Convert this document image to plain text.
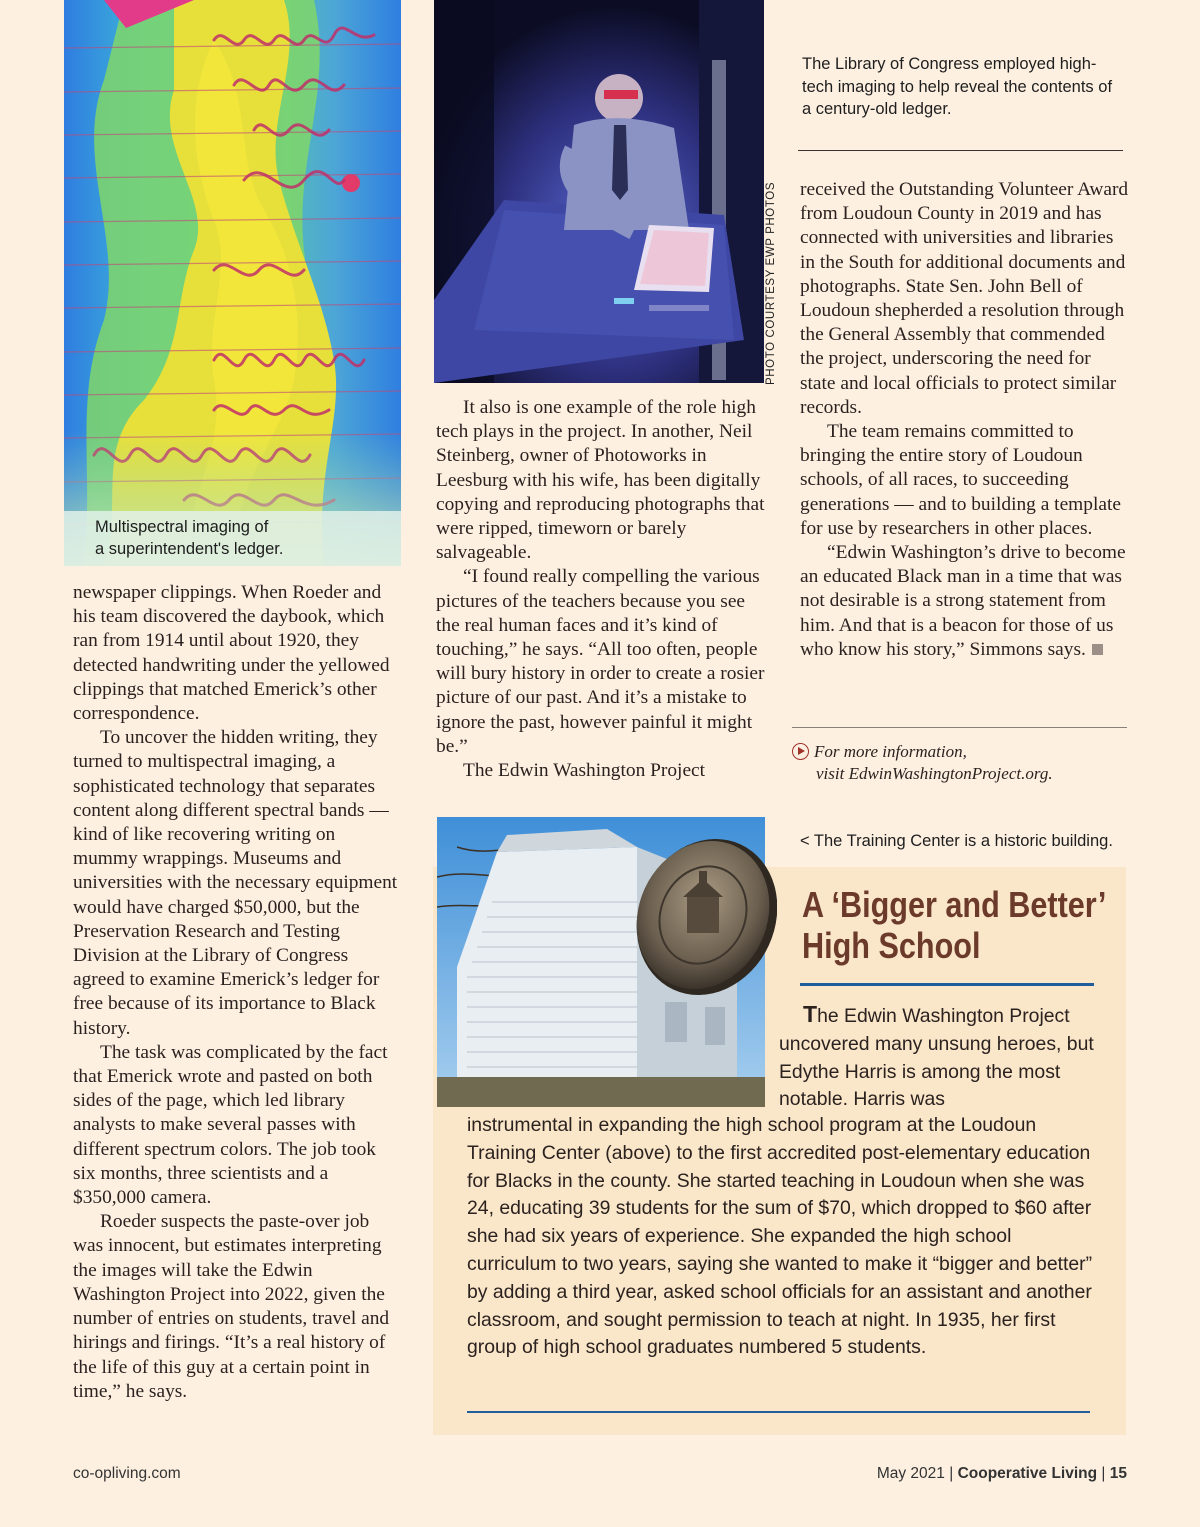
Multispectral imaging of
a superintendent's ledger.
PHOTO COURTESY EWP PHOTOS
The Library of Congress employed high-tech imaging to help reveal the contents of a century-old ledger.

newspaper clippings. When Roeder and his team discovered the daybook, which ran from 1914 until about 1920, they detected handwriting under the yellowed clippings that matched Emerick’s other correspondence.

To uncover the hidden writing, they turned to multispectral imaging, a sophisticated technology that separates content along different spectral bands — kind of like recovering writing on mummy wrappings. Museums and universities with the necessary equipment would have charged $50,000, but the Preservation Research and Testing Division at the Library of Congress agreed to examine Emerick’s ledger for free because of its importance to Black history.

The task was complicated by the fact that Emerick wrote and pasted on both sides of the page, which led library analysts to make several passes with different spectrum colors. The job took six months, three scientists and a $350,000 camera.

Roeder suspects the paste-over job was innocent, but estimates interpreting the images will take the Edwin Washington Project into 2022, given the number of entries on students, travel and hirings and firings. “It’s a real history of the life of this guy at a certain point in time,” he says.

It also is one example of the role high tech plays in the project. In another, Neil Steinberg, owner of Photoworks in Leesburg with his wife, has been digitally copying and reproducing photographs that were ripped, timeworn or barely salvageable.

“I found really compelling the various pictures of the teachers because you see the real human faces and it’s kind of touching,” he says. “All too often, people will bury history in order to create a rosier picture of our past. And it’s a mistake to ignore the past, however painful it might be.”

The Edwin Washington Project

received the Outstanding Volunteer Award from Loudoun County in 2019 and has connected with universities and libraries in the South for additional documents and photographs. State Sen. John Bell of Loudoun shepherded a resolution through the General Assembly that commended the project, underscoring the need for state and local officials to protect similar records.

The team remains committed to bringing the entire story of Loudoun schools, of all races, to succeeding generations — and to building a template for use by researchers in other places.

“Edwin Washington’s drive to become an educated Black man in a time that was not desirable is a strong statement from him. And that is a beacon for those of us who know his story,” Simmons says.

For more information,
visit EdwinWashingtonProject.org.
< The Training Center is a historic building.
A ‘Bigger and Better’
High School
The Edwin Washington Project uncovered many unsung heroes, but Edythe Harris is among the most notable. Harris was
instrumental in expanding the high school program at the Loudoun Training Center (above) to the first accredited post-elementary education for Blacks in the county. She started teaching in Loudoun when she was 24, educating 39 students for the sum of $70, which dropped to $60 after she had six years of experience. She expanded the high school curriculum to two years, saying she wanted to make it “bigger and better” by adding a third year, asked school officials for an assistant and another classroom, and sought permission to teach at night. In 1935, her first group of high school graduates numbered 5 students.
co-opliving.com	May 2021 | Cooperative Living | 15
